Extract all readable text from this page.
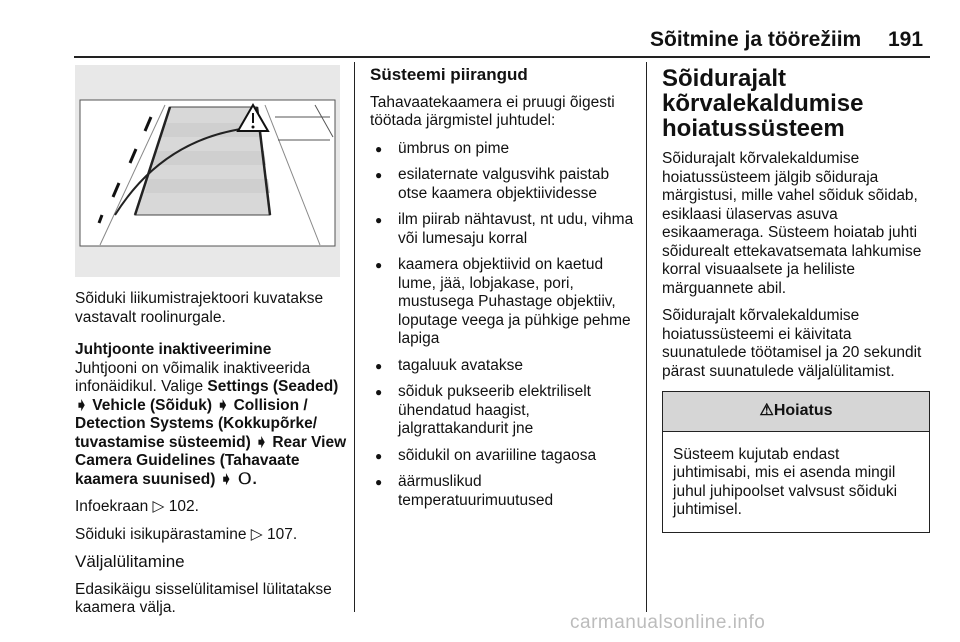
Sõitmine ja töörežiim 191

Sõiduki liikumistrajektoori kuvatakse vastavalt roolinurgale.

Juhtjoonte inaktiveerimine

Juhtjooni on võimalik inaktiveerida infonäidikul. Valige Settings (Seaded) ➧ Vehicle (Sõiduk) ➧ Collision / Detection Systems (Kokkupõrke/ tuvastamise süsteemid) ➧ Rear View Camera Guidelines (Tahavaate kaamera suunised) ➧ Ｏ.

Infoekraan ▷ 102.

Sõiduki isikupärastamine ▷ 107.

Väljalülitamine

Edasikäigu sisselülitamisel lülitatakse kaamera välja.

Süsteemi piirangud

Tahavaatekaamera ei pruugi õigesti töötada järgmistel juhtudel:

● ümbrus on pime
● esilaternate valgusvihk paistab otse kaamera objektiividesse
● ilm piirab nähtavust, nt udu, vihma või lumesaju korral
● kaamera objektiivid on kaetud lume, jää, lobjakase, pori, mustusega Puhastage objektiiv, loputage veega ja pühkige pehme lapiga
● tagaluuk avatakse
● sõiduk pukseerib elektriliselt ühendatud haagist, jalgrattakandurit jne
● sõidukil on avariiline tagaosa
● äärmuslikud temperatuurimuutused

Sõidurajalt kõrvalekaldumise hoiatussüsteem

Sõidurajalt kõrvalekaldumise hoiatussüsteem jälgib sõiduraja märgistusi, mille vahel sõiduk sõidab, esiklaasi ülaservas asuva esikaameraga. Süsteem hoiatab juhti sõidurealt ettekavatsemata lahkumise korral visuaalsete ja heliliste märguannete abil.

Sõidurajalt kõrvalekaldumise hoiatussüsteemi ei käivitata suunatulede töötamisel ja 20 sekundit pärast suunatulede väljalülitamist.

⚠Hoiatus
Süsteem kujutab endast juhtimisabi, mis ei asenda mingil juhul juhipoolset valvsust sõiduki juhtimisel.
carmanualsonline.info
